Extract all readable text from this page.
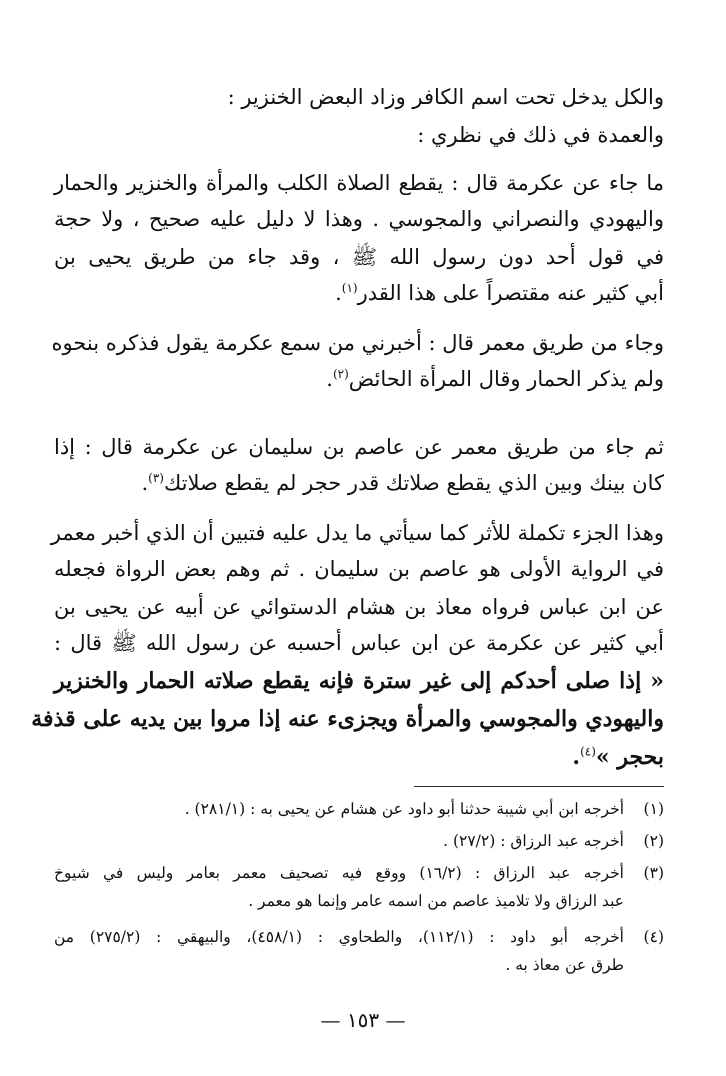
والكل يدخل تحت اسم الكافر وزاد البعض الخنزير :
والعمدة في ذلك في نظري :
ما جاء عن عكرمة قال : يقطع الصلاة الكلب والمرأة والخنزير والحمار
واليهودي والنصراني والمجوسي . وهذا لا دليل عليه صحيح ، ولا حجة
في قول أحد دون رسول الله ﷺ ، وقد جاء من طريق يحيى بن
أبي كثير عنه مقتصراً على هذا القدر$^{(١)}$.
وجاء من طريق معمر قال : أخبرني من سمع عكرمة يقول فذكره بنحوه
ولم يذكر الحمار وقال المرأة الحائض$^{(٢)}$.
ثم جاء من طريق معمر عن عاصم بن سليمان عن عكرمة قال : إذا
كان بينك وبين الذي يقطع صلاتك قدر حجر لم يقطع صلاتك$^{(٣)}$.
وهذا الجزء تكملة للأثر كما سيأتي ما يدل عليه فتبين أن الذي أخبر معمر
في الرواية الأولى هو عاصم بن سليمان . ثم وهم بعض الرواة فجعله
عن ابن عباس فرواه معاذ بن هشام الدستوائي عن أبيه عن يحيى بن
أبي كثير عن عكرمة عن ابن عباس أحسبه عن رسول الله ﷺ قال :
« إذا صلى أحدكم إلى غير سترة فإنه يقطع صلاته الحمار والخنزير
واليهودي والمجوسي والمرأة ويجزىء عنه إذا مروا بين يديه على قذفة
بحجر »$^{(٤)}$.
(١)
أخرجه ابن أبي شيبة حدثنا أبو داود عن هشام عن يحيى به : (٢٨١/١) .
(٢)
أخرجه عبد الرزاق : (٢٧/٢) .
(٣)
أخرجه عبد الرزاق : (١٦/٢) ووقع فيه تصحيف معمر بعامر وليس في شيوخ
عبد الرزاق ولا تلاميذ عاصم من اسمه عامر وإنما هو معمر .
(٤)
أخرجه أبو داود : (١١٢/١)، والطحاوي : (٤٥٨/١)، والبيهقي : (٢٧٥/٢) من
طرق عن معاذ به .
— ١٥٣ —
